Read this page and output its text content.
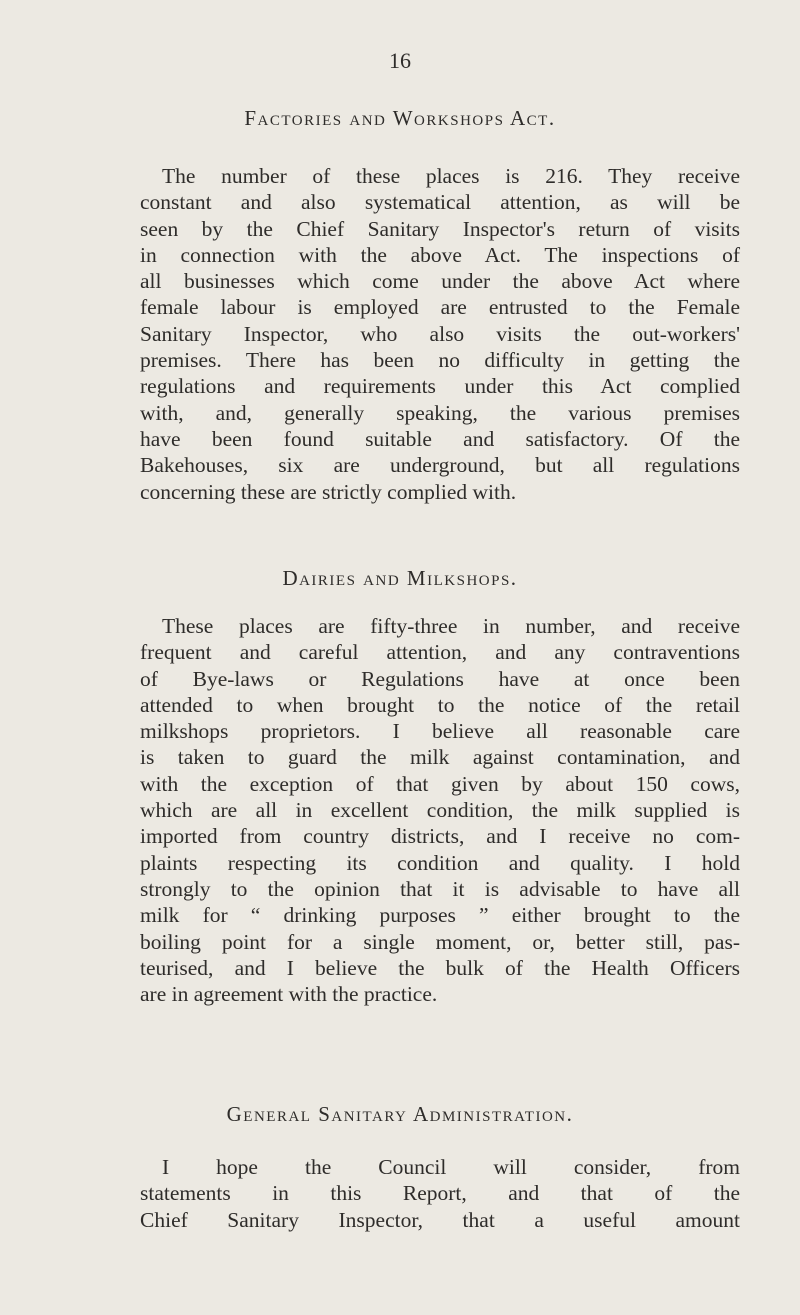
16
Factories and Workshops Act.
The number of these places is 216. They receive
constant and also systematical attention, as will be
seen by the Chief Sanitary Inspector's return of visits
in connection with the above Act. The inspections of
all businesses which come under the above Act where
female labour is employed are entrusted to the Female
Sanitary Inspector, who also visits the out-workers'
premises. There has been no difficulty in getting the
regulations and requirements under this Act complied
with, and, generally speaking, the various premises
have been found suitable and satisfactory. Of the
Bakehouses, six are underground, but all regulations
concerning these are strictly complied with.
Dairies and Milkshops.
These places are fifty-three in number, and receive
frequent and careful attention, and any contraventions
of Bye-laws or Regulations have at once been
attended to when brought to the notice of the retail
milkshops proprietors. I believe all reasonable care
is taken to guard the milk against contamination, and
with the exception of that given by about 150 cows,
which are all in excellent condition, the milk supplied is
imported from country districts, and I receive no com-
plaints respecting its condition and quality. I hold
strongly to the opinion that it is advisable to have all
milk for “ drinking purposes ” either brought to the
boiling point for a single moment, or, better still, pas-
teurised, and I believe the bulk of the Health Officers
are in agreement with the practice.
General Sanitary Administration.
I hope the Council will consider, from
statements in this Report, and that of the
Chief Sanitary Inspector, that a useful amount
